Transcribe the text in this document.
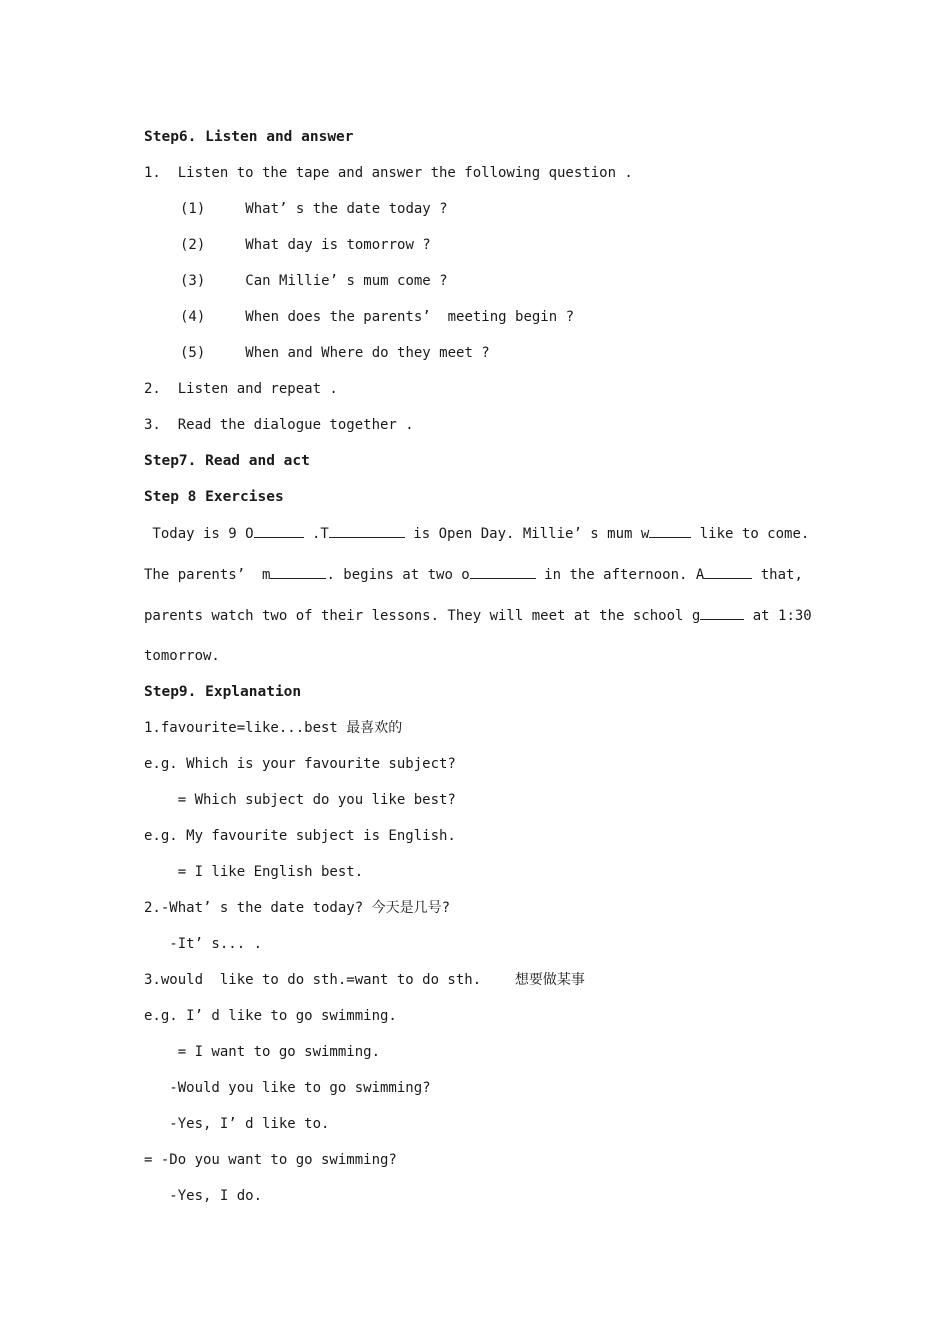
Step6. Listen and answer
1.  Listen to the tape and answer the following question .
(1)	What’ s the date today ?
(2)	What day is tomorrow ?
(3)	Can Millie’ s mum come ?
(4)	When does the parents’  meeting begin ?
(5)	When and Where do they meet ?
2.  Listen and repeat .
3.  Read the dialogue together .
Step7. Read and act
Step 8 Exercises
Today is 9 O	.T	is Open Day. Millie’ s mum w	like to come.
The parents’  m	. begins at two o	in the afternoon. A	that,
parents watch two of their lessons. They will meet at the school g	at 1:30
tomorrow.
Step9. Explanation
1.favourite=like...best 最喜欢的
e.g. Which is your favourite subject?
= Which subject do you like best?
e.g. My favourite subject is English.
= I like English best.
2.-What’ s the date today? 今天是几号?
-It’ s... .
3.would  like to do sth.=want to do sth.    想要做某事
e.g. I’ d like to go swimming.
= I want to go swimming.
-Would you like to go swimming?
-Yes, I’ d like to.
= -Do you want to go swimming?
-Yes, I do.
